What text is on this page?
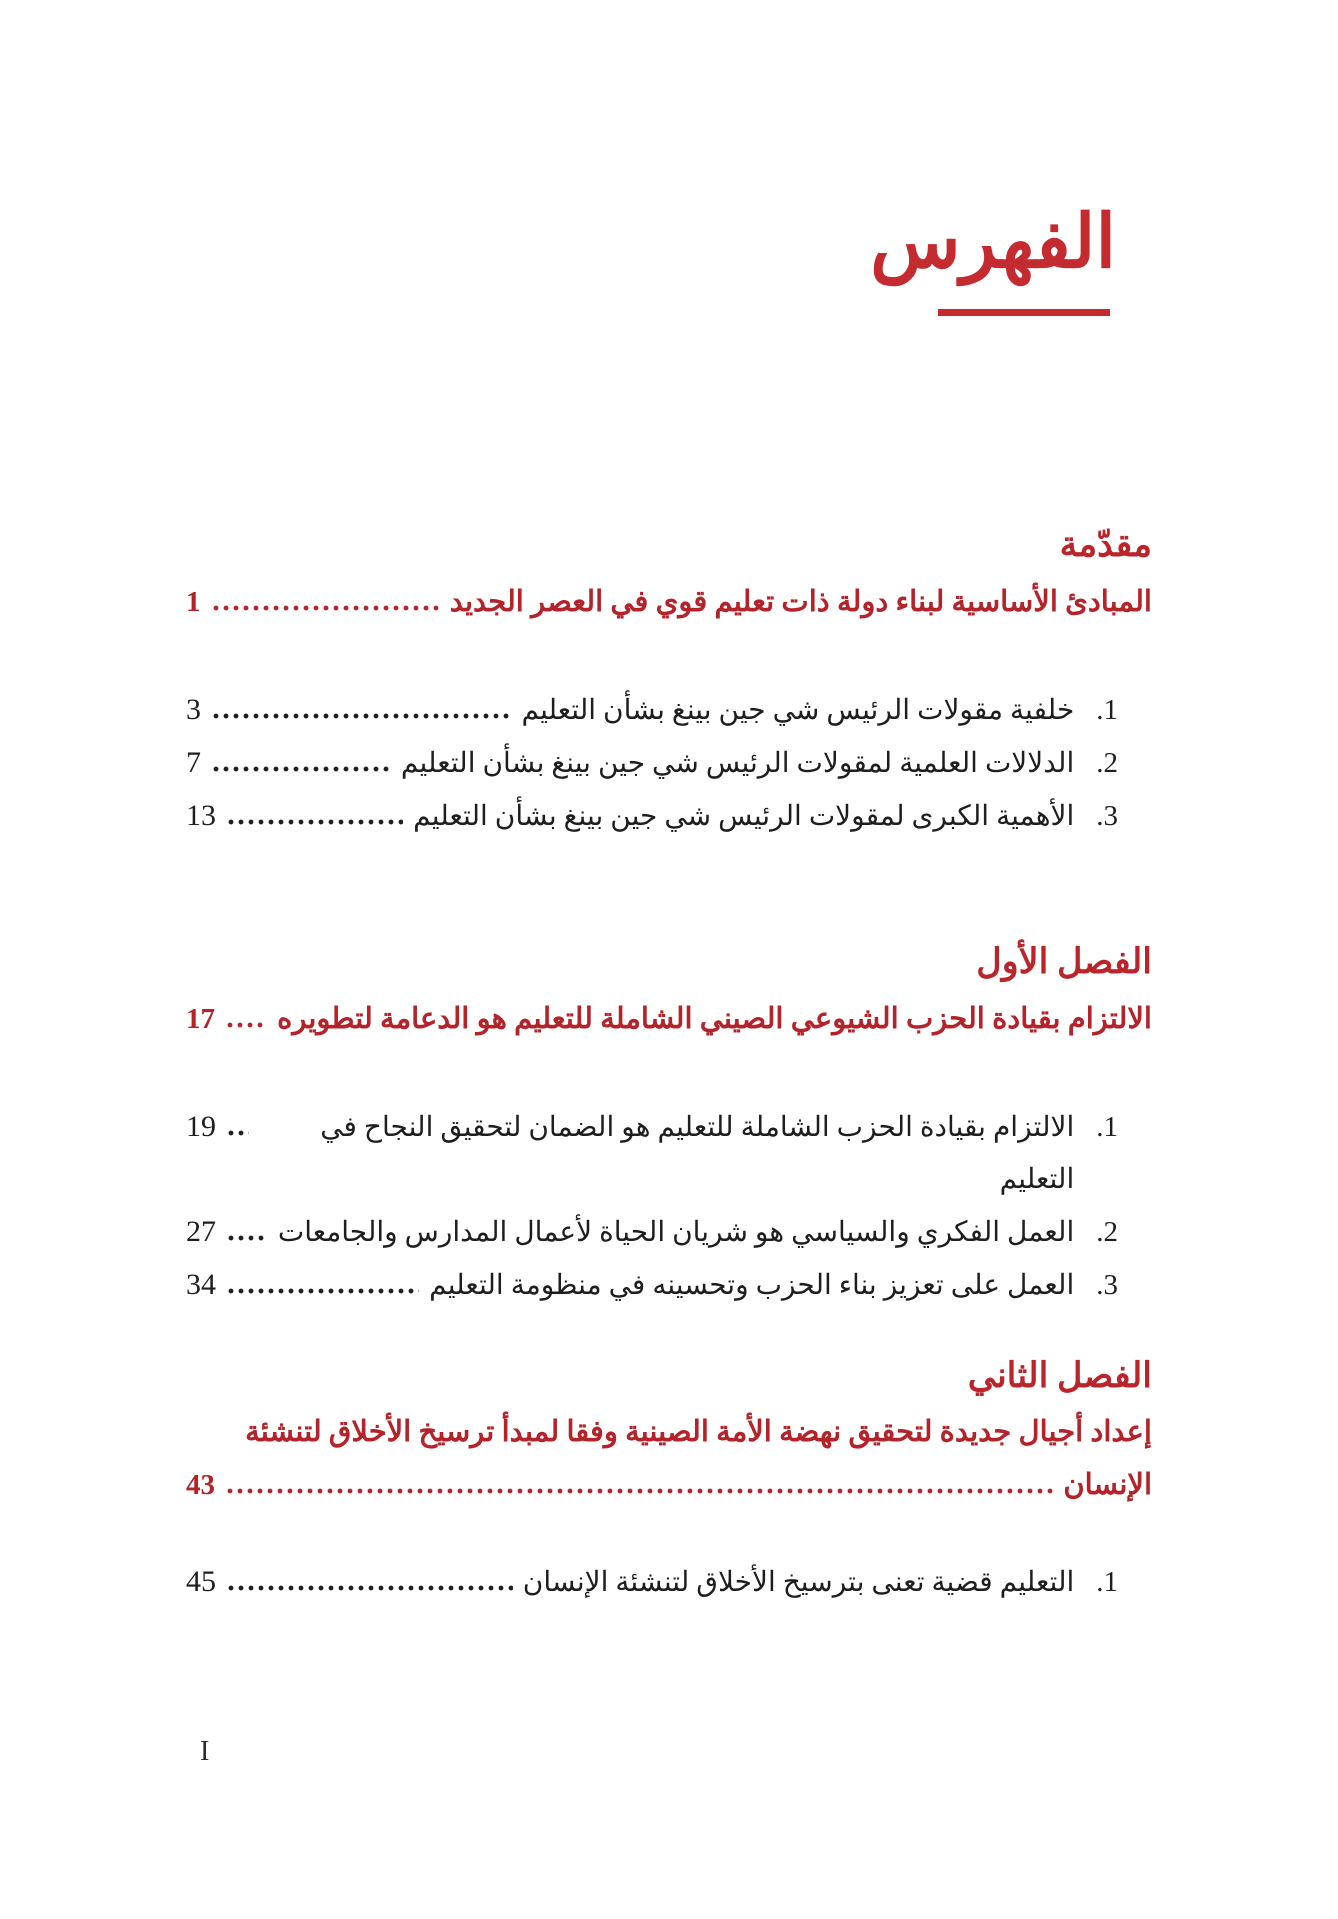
الفهرس
مقدّمة
المبادئ الأساسية لبناء دولة ذات تعليم قوي في العصر الجديد
1
1.
خلفية مقولات الرئيس شي جين بينغ بشأن التعليم
3
2.
الدلالات العلمية لمقولات الرئيس شي جين بينغ بشأن التعليم
7
3.
الأهمية الكبرى لمقولات الرئيس شي جين بينغ بشأن التعليم
13
الفصل الأول
الالتزام بقيادة الحزب الشيوعي الصيني الشاملة للتعليم هو الدعامة لتطويره
17
1.
الالتزام بقيادة الحزب الشاملة للتعليم هو الضمان لتحقيق النجاح في التعليم
19
2.
العمل الفكري والسياسي هو شريان الحياة لأعمال المدارس والجامعات
27
3.
العمل على تعزيز بناء الحزب وتحسينه في منظومة التعليم
34
الفصل الثاني
إعداد أجيال جديدة لتحقيق نهضة الأمة الصينية وفقا لمبدأ ترسيخ الأخلاق لتنشئة
الإنسان
43
1.
التعليم قضية تعنى بترسيخ الأخلاق لتنشئة الإنسان
45
I
